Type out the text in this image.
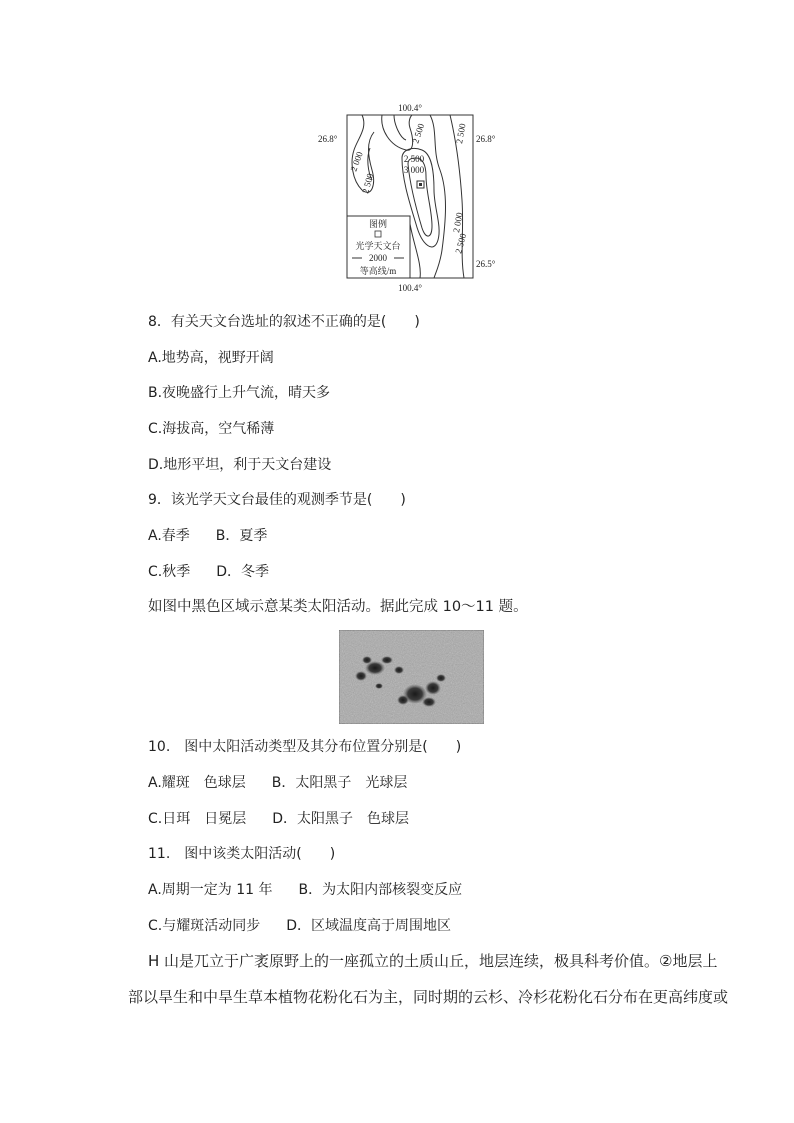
100.4°
100.4°
26.8°	26.8°
26.5°
2 000
2 500
2 500	2 500
2 500
3 000
2 000
2 500
图例
光学天文台
2000
等高线/m
8．有关天文台选址的叙述不正确的是(　　)
A.地势高，视野开阔
B.夜晚盛行上升气流，晴天多
C.海拔高，空气稀薄
D.地形平坦，利于天文台建设
9．该光学天文台最佳的观测季节是(　　)
A.春季 B．夏季
C.秋季 D．冬季
如图中黑色区域示意某类太阳活动。据此完成 10～11 题。
10.　图中太阳活动类型及其分布位置分别是(　　)
A.耀斑　色球层 B．太阳黑子　光球层
C.日珥　日冕层 D．太阳黑子　色球层
11.　图中该类太阳活动(　　)
A.周期一定为 11 年 B．为太阳内部核裂变反应
C.与耀斑活动同步 D．区域温度高于周围地区
H 山是兀立于广袤原野上的一座孤立的土质山丘，地层连续，极具科考价值。②地层上
部以旱生和中旱生草本植物花粉化石为主，同时期的云杉、冷杉花粉化石分布在更高纬度或
